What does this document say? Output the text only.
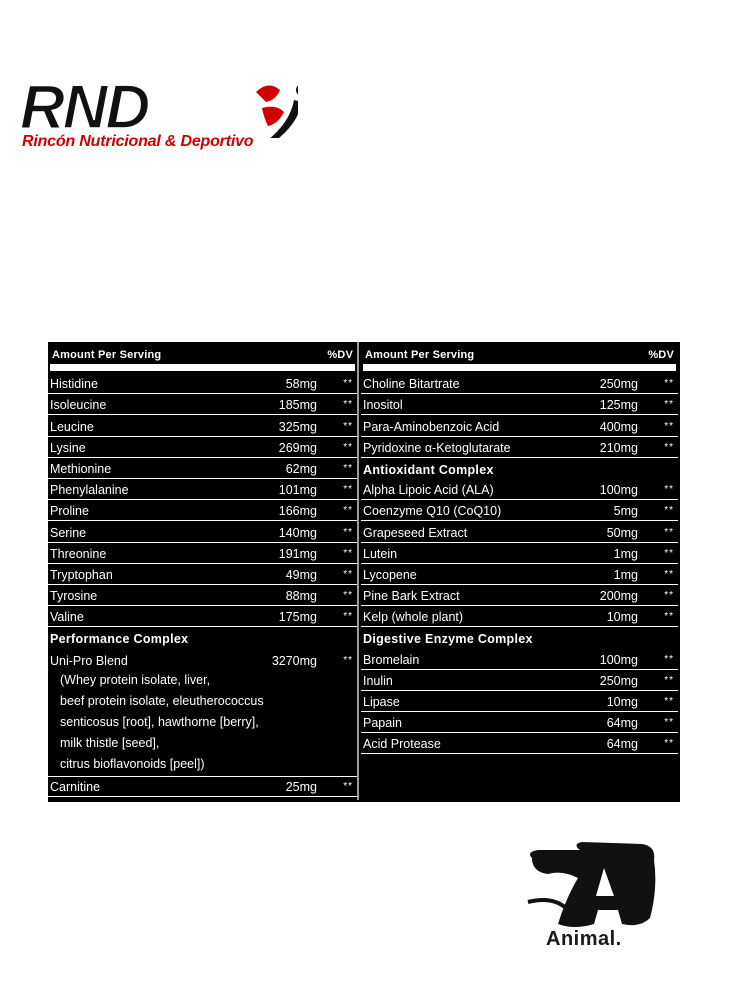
RND
Rincón Nutricional & Deportivo
Amount Per Serving	%DV
Histidine	58mg	**
Isoleucine	185mg	**
Leucine	325mg	**
Lysine	269mg	**
Methionine	62mg	**
Phenylalanine	101mg	**
Proline	166mg	**
Serine	140mg	**
Threonine	191mg	**
Tryptophan	49mg	**
Tyrosine	88mg	**
Valine	175mg	**
Performance Complex
Uni-Pro Blend	3270mg	**
(Whey protein isolate, liver,
beef protein isolate, eleutherococcus
senticosus [root], hawthorne [berry],
milk thistle [seed],
citrus bioflavonoids [peel])
Carnitine	25mg	**
Amount Per Serving	%DV
Choline Bitartrate	250mg	**
Inositol	125mg	**
Para-Aminobenzoic Acid	400mg	**
Pyridoxine α-Ketoglutarate	210mg	**
Antioxidant Complex
Alpha Lipoic Acid (ALA)	100mg	**
Coenzyme Q10 (CoQ10)	5mg	**
Grapeseed Extract	50mg	**
Lutein	1mg	**
Lycopene	1mg	**
Pine Bark Extract	200mg	**
Kelp (whole plant)	10mg	**
Digestive Enzyme Complex
Bromelain	100mg	**
Inulin	250mg	**
Lipase	10mg	**
Papain	64mg	**
Acid Protease	64mg	**
Animal.
